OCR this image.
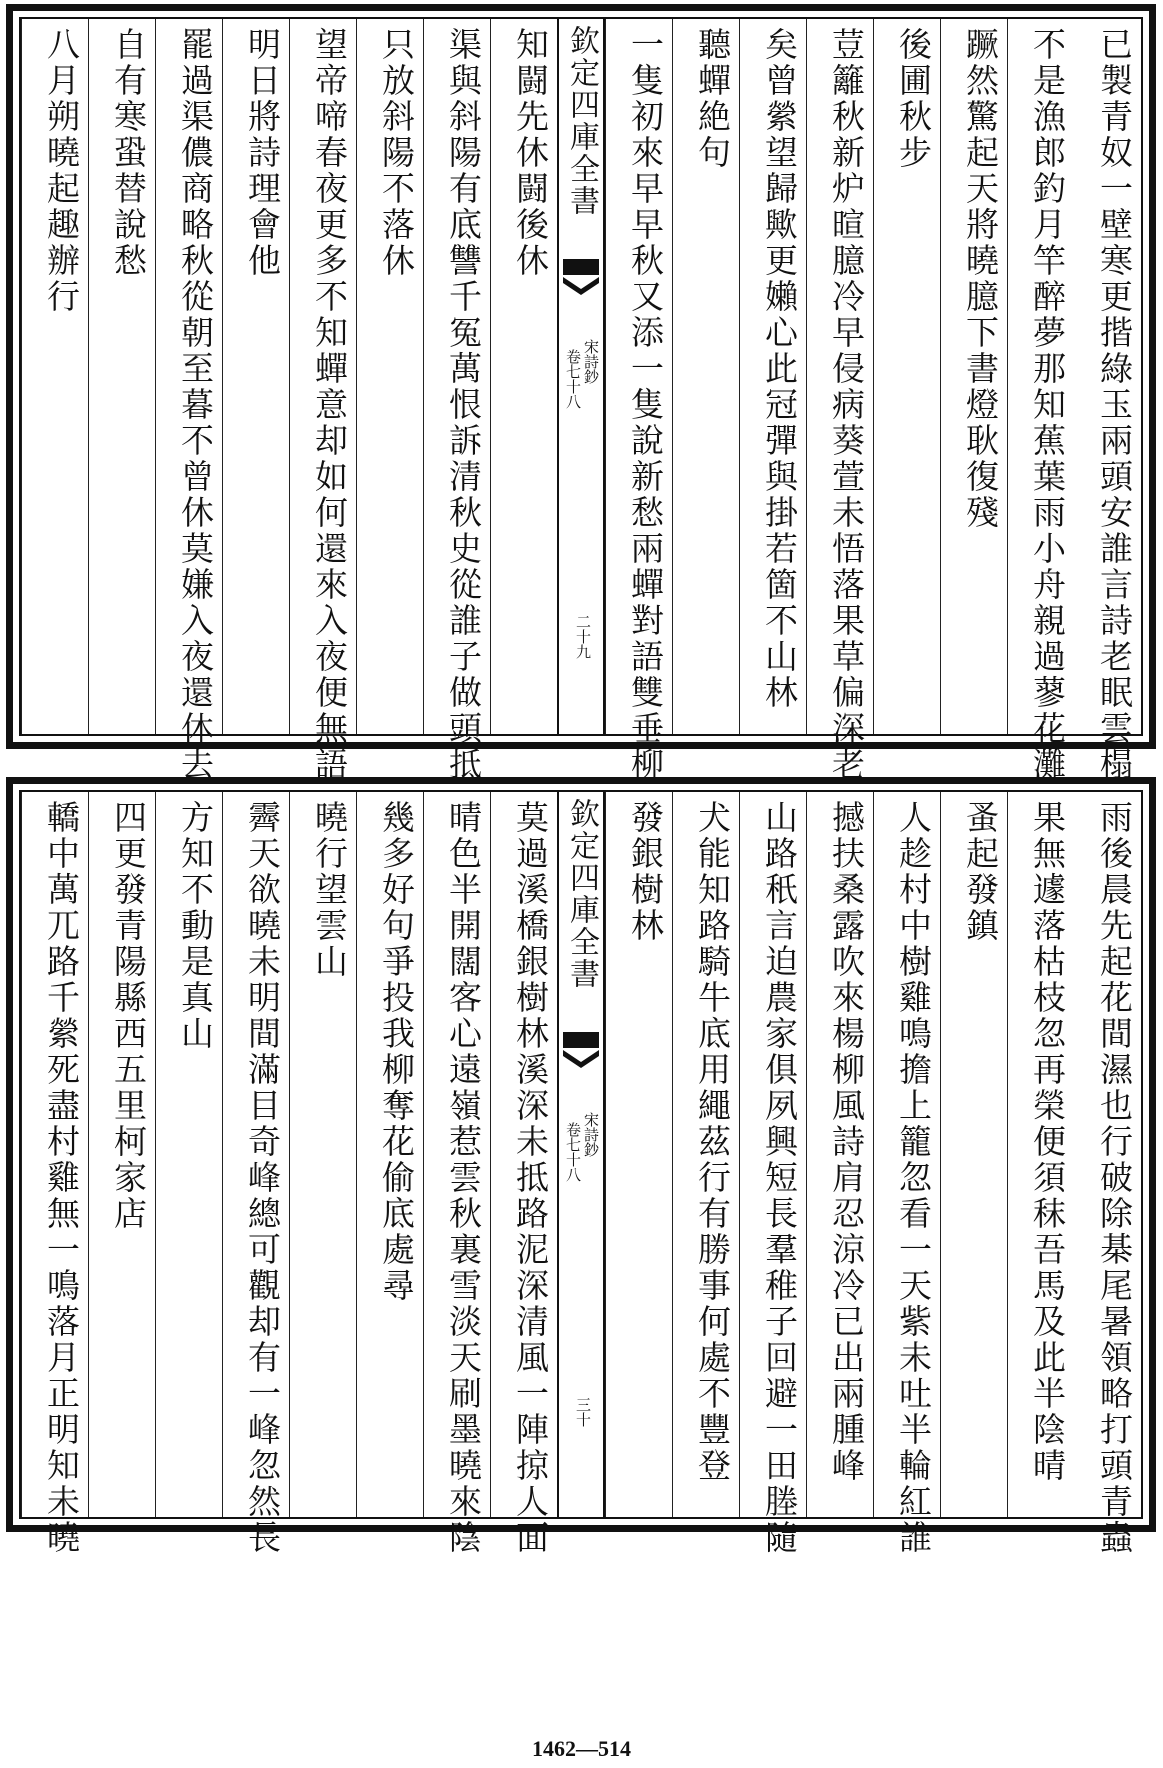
已製青奴一壁寒更揩綠玉兩頭安誰言詩老眠雲榻
不是漁郎釣月竿醉夢那知蕉葉雨小舟親過蓼花灘
蹶然驚起天將曉臆下書燈耿復殘
後圃秋步
荳籬秋新炉暄臆冷早侵病葵萱未悟落果草偏深老
矣曾縈望歸歟更嬾心此冠彈與掛若箇不山林
聽蟬絶句
一隻初來早早秋又添一隻說新愁兩蟬對語雙垂柳
欽定四庫全書
宋詩鈔
卷七十八
二十九
知闘先休闘後休
渠與斜陽有底讐千冤萬恨訴清秋史從誰子做頭抵
只放斜陽不落休
望帝啼春夜更多不知蟬意却如何還來入夜便無語
明日將詩理會他
罷過渠儂商略秋從朝至暮不曾休莫嫌入夜還休去
自有寒蛩替說愁
八月朔曉起趣辦行
雨後晨先起花間濕也行破除棊尾暑領略打頭青蟲
果無遽落枯枝忽再榮便須秣吾馬及此半陰晴
蚤起發鎮
人趁村中樹雞鳴擔上籠忽看一天紫未吐半輪紅誰
撼扶桑露吹來楊柳風詩肩忍涼冷已出兩腫峰
山路秖言迫農家俱夙興短長羣稚子回避一田塍隨
犬能知路騎牛底用繩茲行有勝事何處不豐登
發銀樹林
欽定四庫全書
宋詩鈔
卷七十八
三十
莫過溪橋銀樹林溪深未抵路泥深清風一陣掠人面
晴色半開闊客心遠嶺惹雲秋裏雪淡天刷墨曉來陰
幾多好句爭投我柳奪花偷底處尋
曉行望雲山
霽天欲曉未明間滿目奇峰總可觀却有一峰忽然長
方知不動是真山
四更發青陽縣西五里柯家店
轎中萬兀路千縈死盡村雞無一鳴落月正明知未曉
1462—514
